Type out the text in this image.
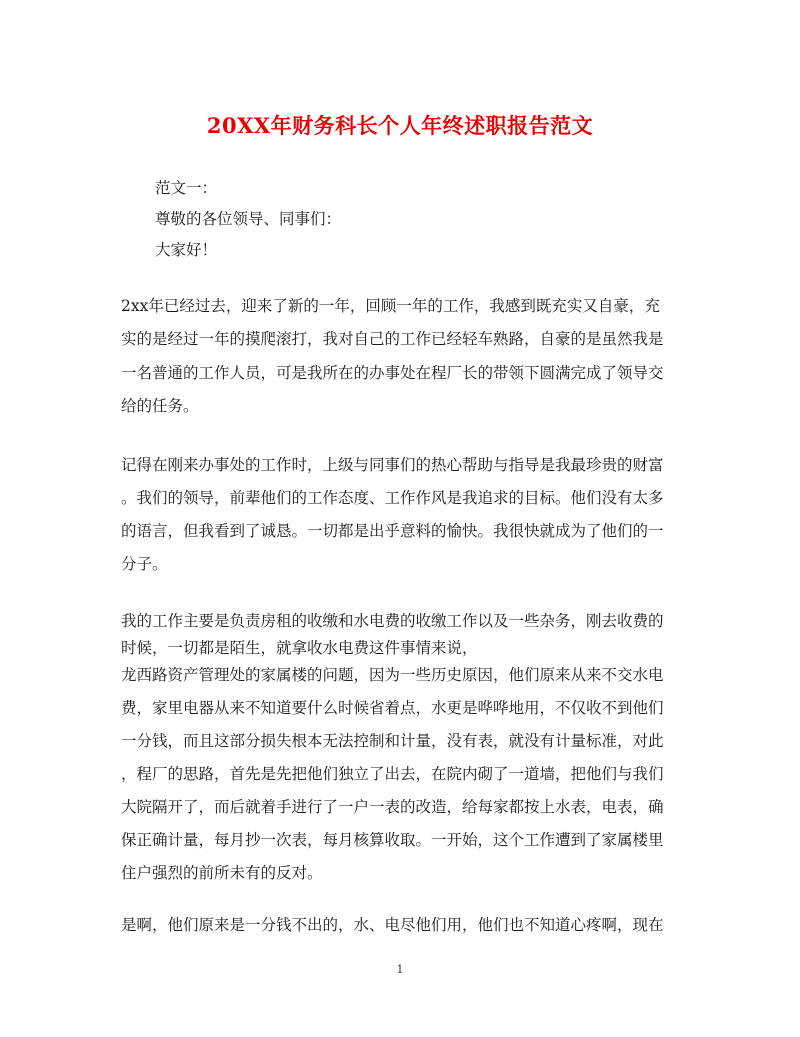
20XX年财务科长个人年终述职报告范文
范文一：
尊敬的各位领导、同事们：
大家好！
2xx年已经过去，迎来了新的一年，回顾一年的工作，我感到既充实又自豪，充
实的是经过一年的摸爬滚打，我对自己的工作已经轻车熟路，自豪的是虽然我是
一名普通的工作人员，可是我所在的办事处在程厂长的带领下圆满完成了领导交
给的任务。
记得在刚来办事处的工作时，上级与同事们的热心帮助与指导是我最珍贵的财富
。我们的领导，前辈他们的工作态度、工作作风是我追求的目标。他们没有太多
的语言，但我看到了诚恳。一切都是出乎意料的愉快。我很快就成为了他们的一
分子。
我的工作主要是负责房租的收缴和水电费的收缴工作以及一些杂务，刚去收费的
时候，一切都是陌生，就拿收水电费这件事情来说，
龙西路资产管理处的家属楼的问题，因为一些历史原因，他们原来从来不交水电
费，家里电器从来不知道要什么时候省着点，水更是哗哗地用，不仅收不到他们
一分钱，而且这部分损失根本无法控制和计量，没有表，就没有计量标准，对此
，程厂的思路，首先是先把他们独立了出去，在院内砌了一道墙，把他们与我们
大院隔开了，而后就着手进行了一户一表的改造，给每家都按上水表，电表，确
保正确计量，每月抄一次表，每月核算收取。一开始，这个工作遭到了家属楼里
住户强烈的前所未有的反对。
是啊，他们原来是一分钱不出的，水、电尽他们用，他们也不知道心疼啊，现在
1
